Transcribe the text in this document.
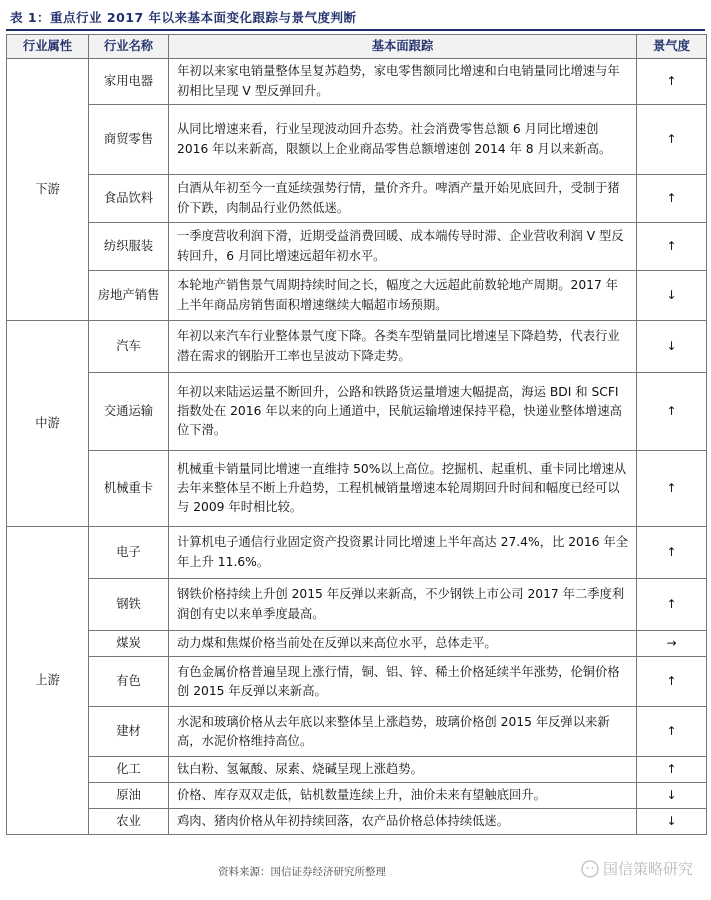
表 1：重点行业 2017 年以来基本面变化跟踪与景气度判断
行业属性	行业名称	基本面跟踪	景气度
下游	家用电器	年初以来家电销量整体呈复苏趋势，家电零售额同比增速和白电销量同比增速与年初相比呈现 V 型反弹回升。	↑
	商贸零售	从同比增速来看，行业呈现波动回升态势。社会消费零售总额 6 月同比增速创 2016 年以来新高，限额以上企业商品零售总额增速创 2014 年 8 月以来新高。	↑
	食品饮料	白酒从年初至今一直延续强势行情，量价齐升。啤酒产量开始见底回升，受制于猪价下跌，肉制品行业仍然低迷。	↑
	纺织服装	一季度营收利润下滑，近期受益消费回暖、成本端传导时滞、企业营收利润 V 型反转回升，6 月同比增速远超年初水平。	↑
	房地产销售	本轮地产销售景气周期持续时间之长，幅度之大远超此前数轮地产周期。2017 年上半年商品房销售面积增速继续大幅超市场预期。	↓
中游	汽车	年初以来汽车行业整体景气度下降。各类车型销量同比增速呈下降趋势，代表行业潜在需求的钢胎开工率也呈波动下降走势。	↓
	交通运输	年初以来陆运运量不断回升，公路和铁路货运量增速大幅提高，海运 BDI 和 SCFI 指数处在 2016 年以来的向上通道中，民航运输增速保持平稳，快递业整体增速高位下滑。	↑
	机械重卡	机械重卡销量同比增速一直维持 50%以上高位。挖掘机、起重机、重卡同比增速从去年来整体呈不断上升趋势，工程机械销量增速本轮周期回升时间和幅度已经可以与 2009 年时相比较。	↑
上游	电子	计算机电子通信行业固定资产投资累计同比增速上半年高达 27.4%，比 2016 年全年上升 11.6%。	↑
	钢铁	钢铁价格持续上升创 2015 年反弹以来新高，不少钢铁上市公司 2017 年二季度利润创有史以来单季度最高。	↑
	煤炭	动力煤和焦煤价格当前处在反弹以来高位水平，总体走平。	→
	有色	有色金属价格普遍呈现上涨行情，铜、铝、锌、稀土价格延续半年涨势，伦铜价格创 2015 年反弹以来新高。	↑
	建材	水泥和玻璃价格从去年底以来整体呈上涨趋势，玻璃价格创 2015 年反弹以来新高，水泥价格维持高位。	↑
	化工	钛白粉、氢氟酸、尿素、烧碱呈现上涨趋势。	↑
	原油	价格、库存双双走低，钻机数量连续上升，油价未来有望触底回升。	↓
	农业	鸡肉、猪肉价格从年初持续回落，农产品价格总体持续低迷。	↓
资料来源：国信证券经济研究所整理	国信策略研究
